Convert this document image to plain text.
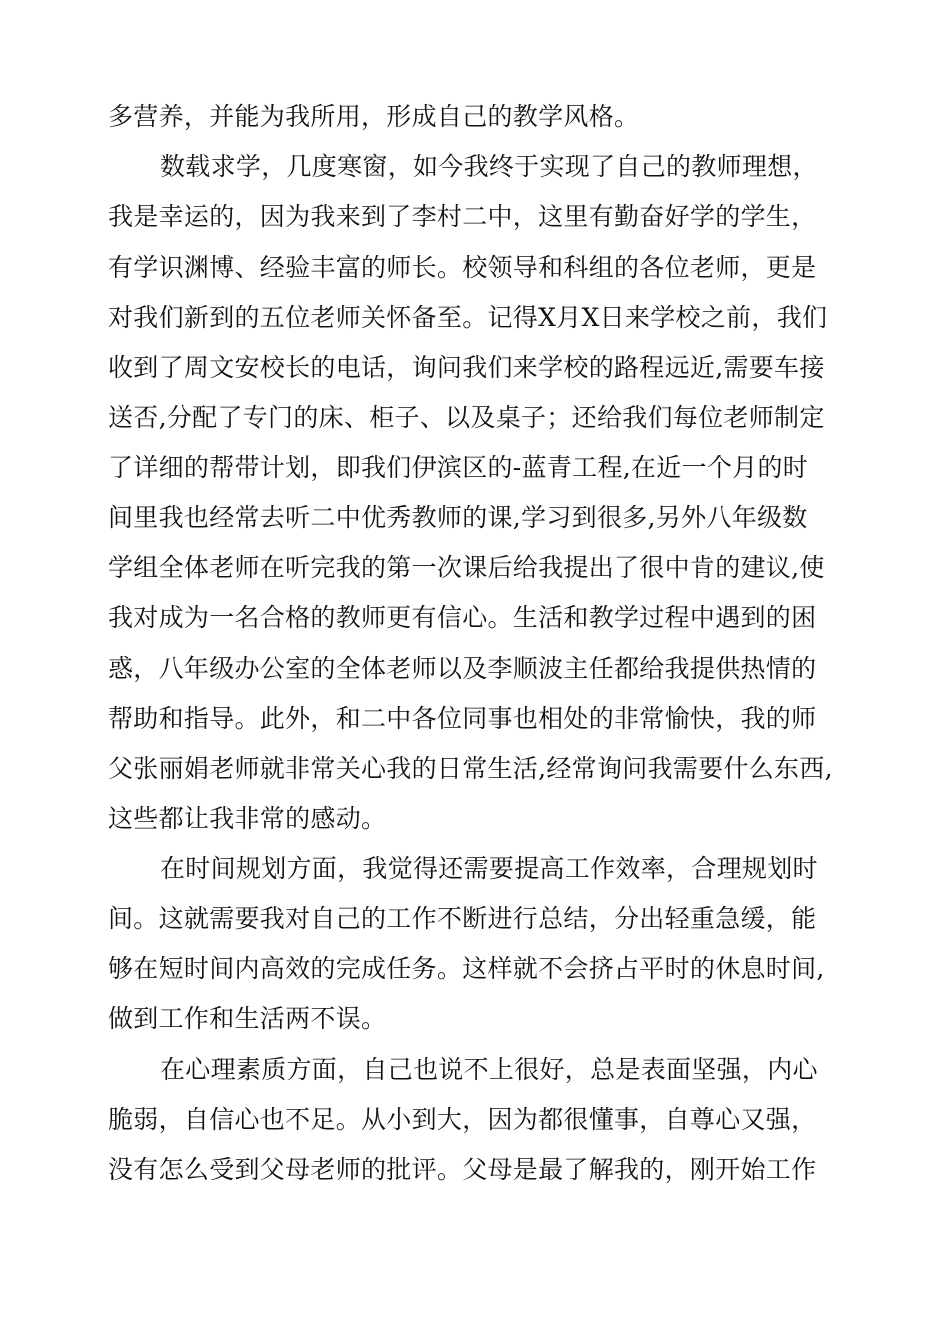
多营养，并能为我所用，形成自己的教学风格。
数载求学，几度寒窗，如今我终于实现了自己的教师理想，
我是幸运的，因为我来到了李村二中，这里有勤奋好学的学生，
有学识渊博、经验丰富的师长。校领导和科组的各位老师，更是
对我们新到的五位老师关怀备至。记得X月X日来学校之前，我们
收到了周文安校长的电话，询问我们来学校的路程远近,需要车接
送否,分配了专门的床、柜子、以及桌子；还给我们每位老师制定
了详细的帮带计划，即我们伊滨区的-蓝青工程,在近一个月的时
间里我也经常去听二中优秀教师的课,学习到很多,另外八年级数
学组全体老师在听完我的第一次课后给我提出了很中肯的建议,使
我对成为一名合格的教师更有信心。生活和教学过程中遇到的困
惑，八年级办公室的全体老师以及李顺波主任都给我提供热情的
帮助和指导。此外，和二中各位同事也相处的非常愉快，我的师
父张丽娟老师就非常关心我的日常生活,经常询问我需要什么东西,
这些都让我非常的感动。
在时间规划方面，我觉得还需要提高工作效率，合理规划时
间。这就需要我对自己的工作不断进行总结，分出轻重急缓，能
够在短时间内高效的完成任务。这样就不会挤占平时的休息时间,
做到工作和生活两不误。
在心理素质方面，自己也说不上很好，总是表面坚强，内心
脆弱，自信心也不足。从小到大，因为都很懂事，自尊心又强，
没有怎么受到父母老师的批评。父母是最了解我的，刚开始工作
